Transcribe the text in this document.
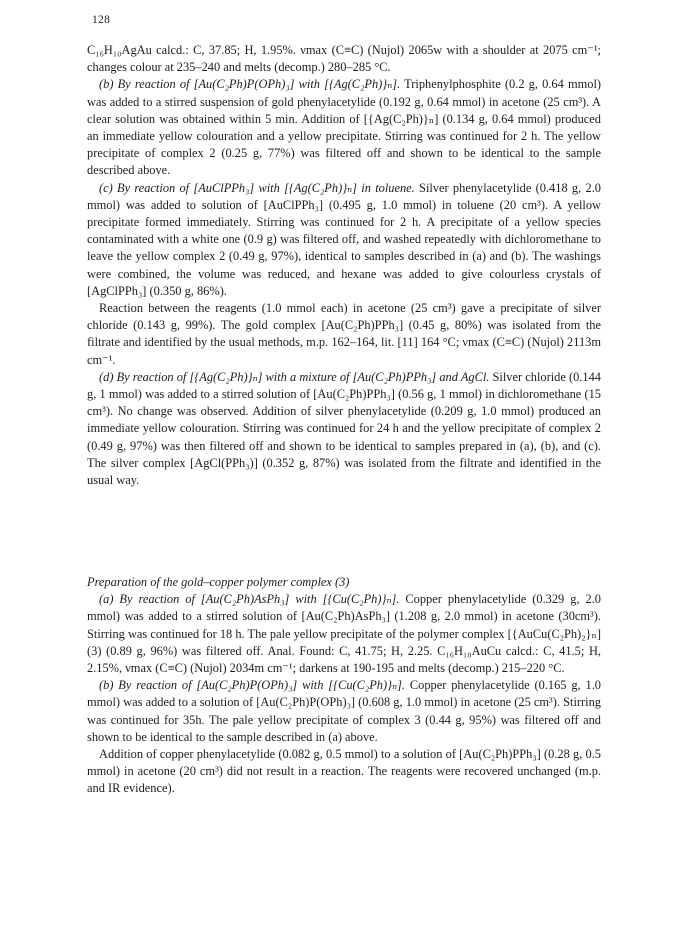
128

C₁₆H₁₀AgAu calcd.: C, 37.85; H, 1.95%. νmax (C≡C) (Nujol) 2065w with a shoulder at 2075 cm⁻¹; changes colour at 235–240 and melts (decomp.) 280–285 °C.

(b) By reaction of [Au(C₂Ph)P(OPh)₃] with [{Ag(C₂Ph)}ₙ]. Triphenylphosphite (0.2 g, 0.64 mmol) was added to a stirred suspension of gold phenylacetylide (0.192 g, 0.64 mmol) in acetone (25 cm³). A clear solution was obtained within 5 min. Addition of [{Ag(C₂Ph)}ₙ] (0.134 g, 0.64 mmol) produced an immediate yellow colouration and a yellow precipitate. Stirring was continued for 2 h. The yellow precipitate of complex 2 (0.25 g, 77%) was filtered off and shown to be identical to the sample described above.

(c) By reaction of [AuClPPh₃] with [{Ag(C₂Ph)}ₙ] in toluene. Silver phenylacetylide (0.418 g, 2.0 mmol) was added to solution of [AuClPPh₃] (0.495 g, 1.0 mmol) in toluene (20 cm³). A yellow precipitate formed immediately. Stirring was continued for 2 h. A precipitate of a yellow species contaminated with a white one (0.9 g) was filtered off, and washed repeatedly with dichloromethane to leave the yellow complex 2 (0.49 g, 97%), identical to samples described in (a) and (b). The washings were combined, the volume was reduced, and hexane was added to give colourless crystals of [AgClPPh₃] (0.350 g, 86%).

Reaction between the reagents (1.0 mmol each) in acetone (25 cm³) gave a precipitate of silver chloride (0.143 g, 99%). The gold complex [Au(C₂Ph)PPh₃] (0.45 g, 80%) was isolated from the filtrate and identified by the usual methods, m.p. 162–164, lit. [11] 164 °C; νmax (C≡C) (Nujol) 2113m cm⁻¹.

(d) By reaction of [{Ag(C₂Ph)}ₙ] with a mixture of [Au(C₂Ph)PPh₃] and AgCl. Silver chloride (0.144 g, 1 mmol) was added to a stirred solution of [Au(C₂Ph)PPh₃] (0.56 g, 1 mmol) in dichloromethane (15 cm³). No change was observed. Addition of silver phenylacetylide (0.209 g, 1.0 mmol) produced an immediate yellow colouration. Stirring was continued for 24 h and the yellow precipitate of complex 2 (0.49 g, 97%) was then filtered off and shown to be identical to samples prepared in (a), (b), and (c). The silver complex [AgCl(PPh₃)] (0.352 g, 87%) was isolated from the filtrate and identified in the usual way.

Preparation of the gold–copper polymer complex (3)

(a) By reaction of [Au(C₂Ph)AsPh₃] with [{Cu(C₂Ph)}ₙ]. Copper phenylacetylide (0.329 g, 2.0 mmol) was added to a stirred solution of [Au(C₂Ph)AsPh₃] (1.208 g, 2.0 mmol) in acetone (30cm³). Stirring was continued for 18 h. The pale yellow precipitate of the polymer complex [{AuCu(C₂Ph)₂}ₙ] (3) (0.89 g, 96%) was filtered off. Anal. Found: C, 41.75; H, 2.25. C₁₆H₁₀AuCu calcd.: C, 41.5; H, 2.15%, νmax (C≡C) (Nujol) 2034m cm⁻¹; darkens at 190-195 and melts (decomp.) 215–220 °C.

(b) By reaction of [Au(C₂Ph)P(OPh)₃] with [{Cu(C₂Ph)}ₙ]. Copper phenylacetylide (0.165 g, 1.0 mmol) was added to a solution of [Au(C₂Ph)P(OPh)₃] (0.608 g, 1.0 mmol) in acetone (25 cm³). Stirring was continued for 35h. The pale yellow precipitate of complex 3 (0.44 g, 95%) was filtered off and shown to be identical to the sample described in (a) above.

Addition of copper phenylacetylide (0.082 g, 0.5 mmol) to a solution of [Au(C₂Ph)PPh₃] (0.28 g, 0.5 mmol) in acetone (20 cm³) did not result in a reaction. The reagents were recovered unchanged (m.p. and IR evidence).
